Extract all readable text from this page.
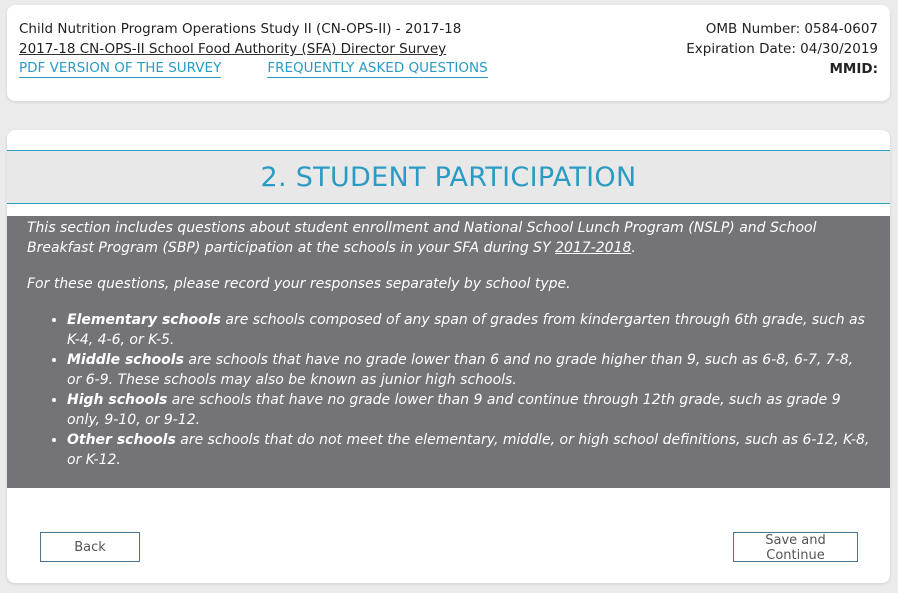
Child Nutrition Program Operations Study II (CN-OPS-II) - 2017-18
2017-18 CN-OPS-II School Food Authority (SFA) Director Survey
PDF VERSION OF THE SURVEY	FREQUENTLY ASKED QUESTIONS
OMB Number: 0584-0607
Expiration Date: 04/30/2019
MMID:
2. STUDENT PARTICIPATION

This section includes questions about student enrollment and National School Lunch Program (NSLP) and School Breakfast Program (SBP) participation at the schools in your SFA during SY 2017-2018.

For these questions, please record your responses separately by school type.

• Elementary schools are schools composed of any span of grades from kindergarten through 6th grade, such as K-4, 4-6, or K-5.
• Middle schools are schools that have no grade lower than 6 and no grade higher than 9, such as 6-8, 6-7, 7-8, or 6-9. These schools may also be known as junior high schools.
• High schools are schools that have no grade lower than 9 and continue through 12th grade, such as grade 9 only, 9-10, or 9-12.
• Other schools are schools that do not meet the elementary, middle, or high school definitions, such as 6-12, K-8, or K-12.
Back	Save and Continue
